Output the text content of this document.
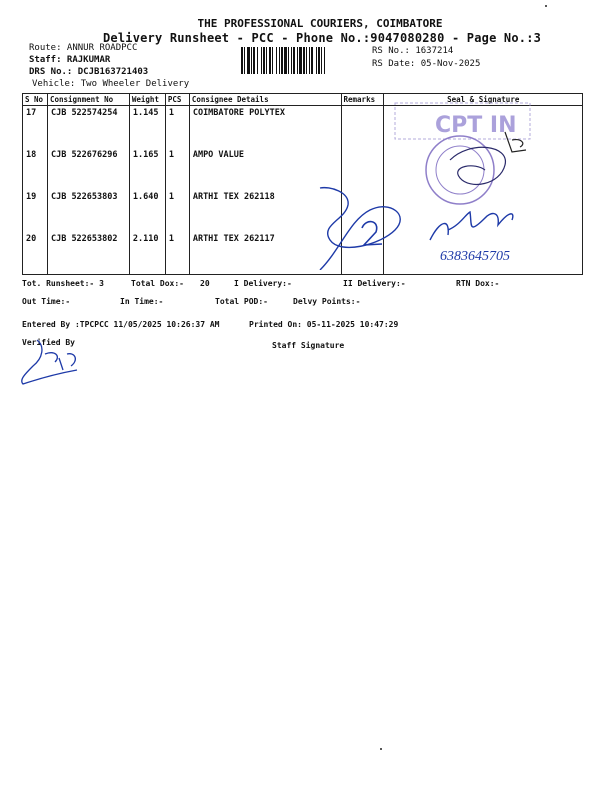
THE PROFESSIONAL COURIERS, COIMBATORE
Delivery Runsheet - PCC - Phone No.:9047080280 - Page No.:3
Route: ANNUR ROADPCC
Staff: RAJKUMAR
DRS No.: DCJB163721403
Vehicle: Two Wheeler Delivery
RS No.: 1637214
RS Date: 05-Nov-2025
S No	Consignment No	Weight	PCS	Consignee Details	Remarks	Seal & Signature
17	CJB 522574254	1.145	1	COIMBATORE POLYTEX		
18	CJB 522676296	1.165	1	AMPO VALUE		
19	CJB 522653803	1.640	1	ARTHI TEX 262118		
20	CJB 522653802	2.110	1	ARTHI TEX 262117		
CPT IN
6383645705
Tot. Runsheet:- 3	Total Dox:- 20	I Delivery:-	II Delivery:-	RTN Dox:-
Out Time:-	In Time:-	Total POD:-	Delvy Points:-
Entered By :TPCPCC 11/05/2025 10:26:37 AM	Printed On: 05-11-2025 10:47:29
Verified By	Staff Signature
